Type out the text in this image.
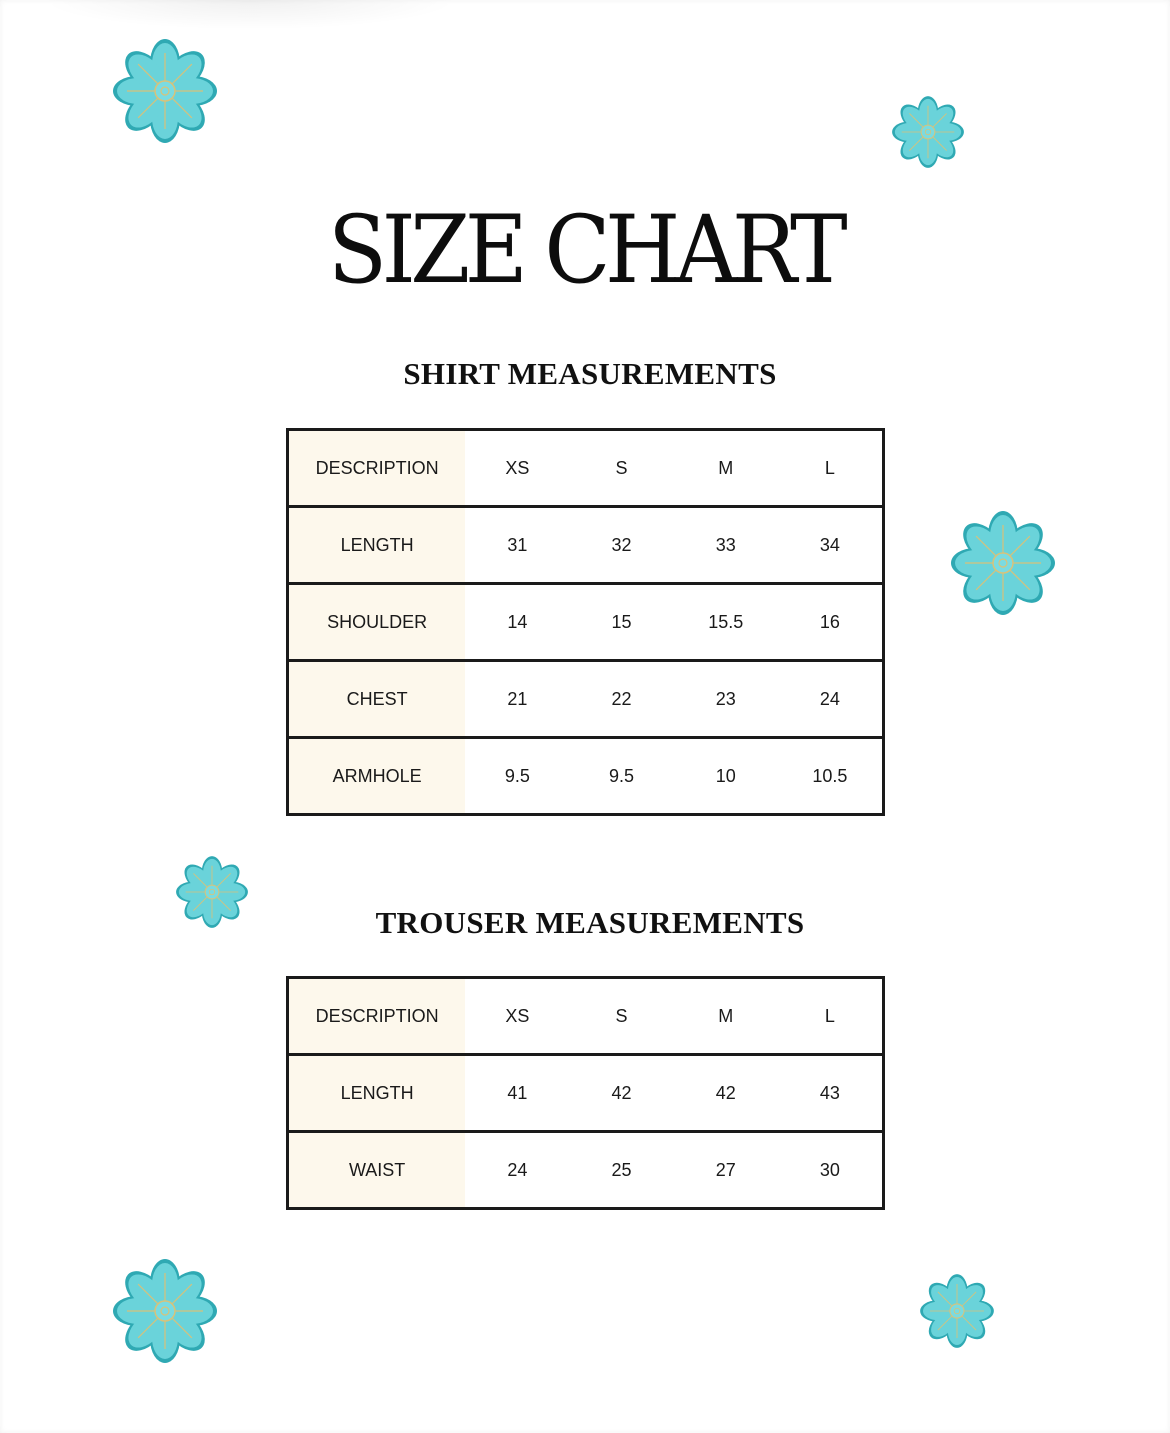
SIZE CHART
SHIRT MEASUREMENTS
DESCRIPTION	XS	S	M	L
LENGTH	31	32	33	34
SHOULDER	14	15	15.5	16
CHEST	21	22	23	24
ARMHOLE	9.5	9.5	10	10.5
TROUSER MEASUREMENTS
DESCRIPTION	XS	S	M	L
LENGTH	41	42	42	43
WAIST	24	25	27	30
